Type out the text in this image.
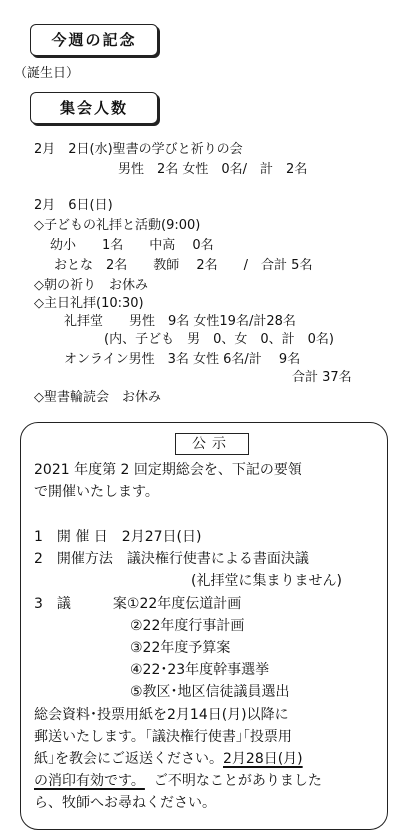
今週の記念
（誕生日）
集会人数
2月　2日(水)聖書の学びと祈りの会
男性　2名 女性　0名/　計　2名
2月　6日(日)
◇子どもの礼拝と活動(9:00)
幼小　　1名　　中高　 0名
おとな　2名　　教師　 2名　　/　合計 5名
◇朝の祈り　お休み
◇主日礼拝(10:30)
礼拝堂　　男性　9名 女性19名/計28名
(内、子ども　男　0、女　0、計　0名)
オンライン男性　3名 女性 6名/計　 9名
合計 37名
◇聖書輪読会　お休み
公示
2021 年度第 2 回定期総会を、下記の要領
で開催いたします。
1　開 催 日　2月27日(日)
2　開催方法　議決権行使書による書面決議
(礼拝堂に集まりません)
3　議　　　案①22年度伝道計画
②22年度行事計画
③22年度予算案
④22･23年度幹事選挙
⑤教区･地区信徒議員選出
総会資料･投票用紙を2月14日(月)以降に
郵送いたします。｢議決権行使書｣｢投票用
紙｣を教会にご返送ください。2月28日(月)
の消印有効です。 ご不明なことがありました
ら、牧師へお尋ねください。
